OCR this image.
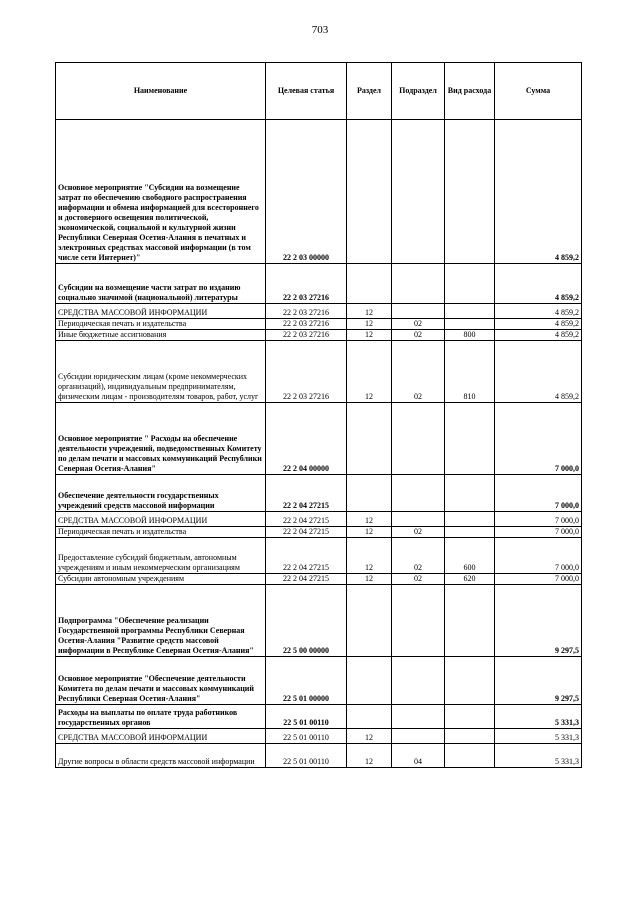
703
Наименование	Целевая статья	Раздел	Подраздел	Вид расхода	Сумма
Основное мероприятие "Субсидии на возмещение затрат по обеспечению свободного распространения информации и обмена информацией для всестороннего и достоверного освещения политической, экономической, социальной и культурной жизни Республики Северная Осетия-Алания в печатных и электронных средствах массовой информации (в том числе сети Интернет)"	22 2 03 00000				4 859,2
Субсидии на возмещение части затрат по изданию социально значимой (национальной) литературы	22 2 03 27216				4 859,2
СРЕДСТВА МАССОВОЙ ИНФОРМАЦИИ	22 2 03 27216	12			4 859,2
Периодическая печать и издательства	22 2 03 27216	12	02		4 859,2
Иные бюджетные ассигнования	22 2 03 27216	12	02	800	4 859,2
Субсидии юридическим лицам (кроме некоммерческих организаций), индивидуальным предпринимателям, физическим лицам - производителям товаров, работ, услуг	22 2 03 27216	12	02	810	4 859,2
Основное мероприятие " Расходы на обеспечение деятельности учреждений, подведомственных Комитету по делам печати и массовых коммуникаций Республики Северная Осетия-Алания"	22 2 04 00000				7 000,0
Обеспечение деятельности государственных учреждений средств массовой информации	22 2 04 27215				7 000,0
СРЕДСТВА МАССОВОЙ ИНФОРМАЦИИ	22 2 04 27215	12			7 000,0
Периодическая печать и издательства	22 2 04 27215	12	02		7 000,0
Предоставление субсидий бюджетным, автономным учреждениям и иным некоммерческим организациям	22 2 04 27215	12	02	600	7 000,0
Субсидии автономным учреждениям	22 2 04 27215	12	02	620	7 000,0
Подпрограмма "Обеспечение реализации Государственной программы Республики Северная Осетия-Алания "Развитие средств массовой информации в Республике Северная Осетия-Алания"	22 5 00 00000				9 297,5
Основное мероприятие "Обеспечение деятельности Комитета по делам печати и массовых коммуникаций Республики Северная Осетия-Алания"	22 5 01 00000				9 297,5
Расходы на выплаты по оплате труда работников государственных органов	22 5 01 00110				5 331,3
СРЕДСТВА МАССОВОЙ ИНФОРМАЦИИ	22 5 01 00110	12			5 331,3
Другие вопросы в области средств массовой информации	22 5 01 00110	12	04		5 331,3
